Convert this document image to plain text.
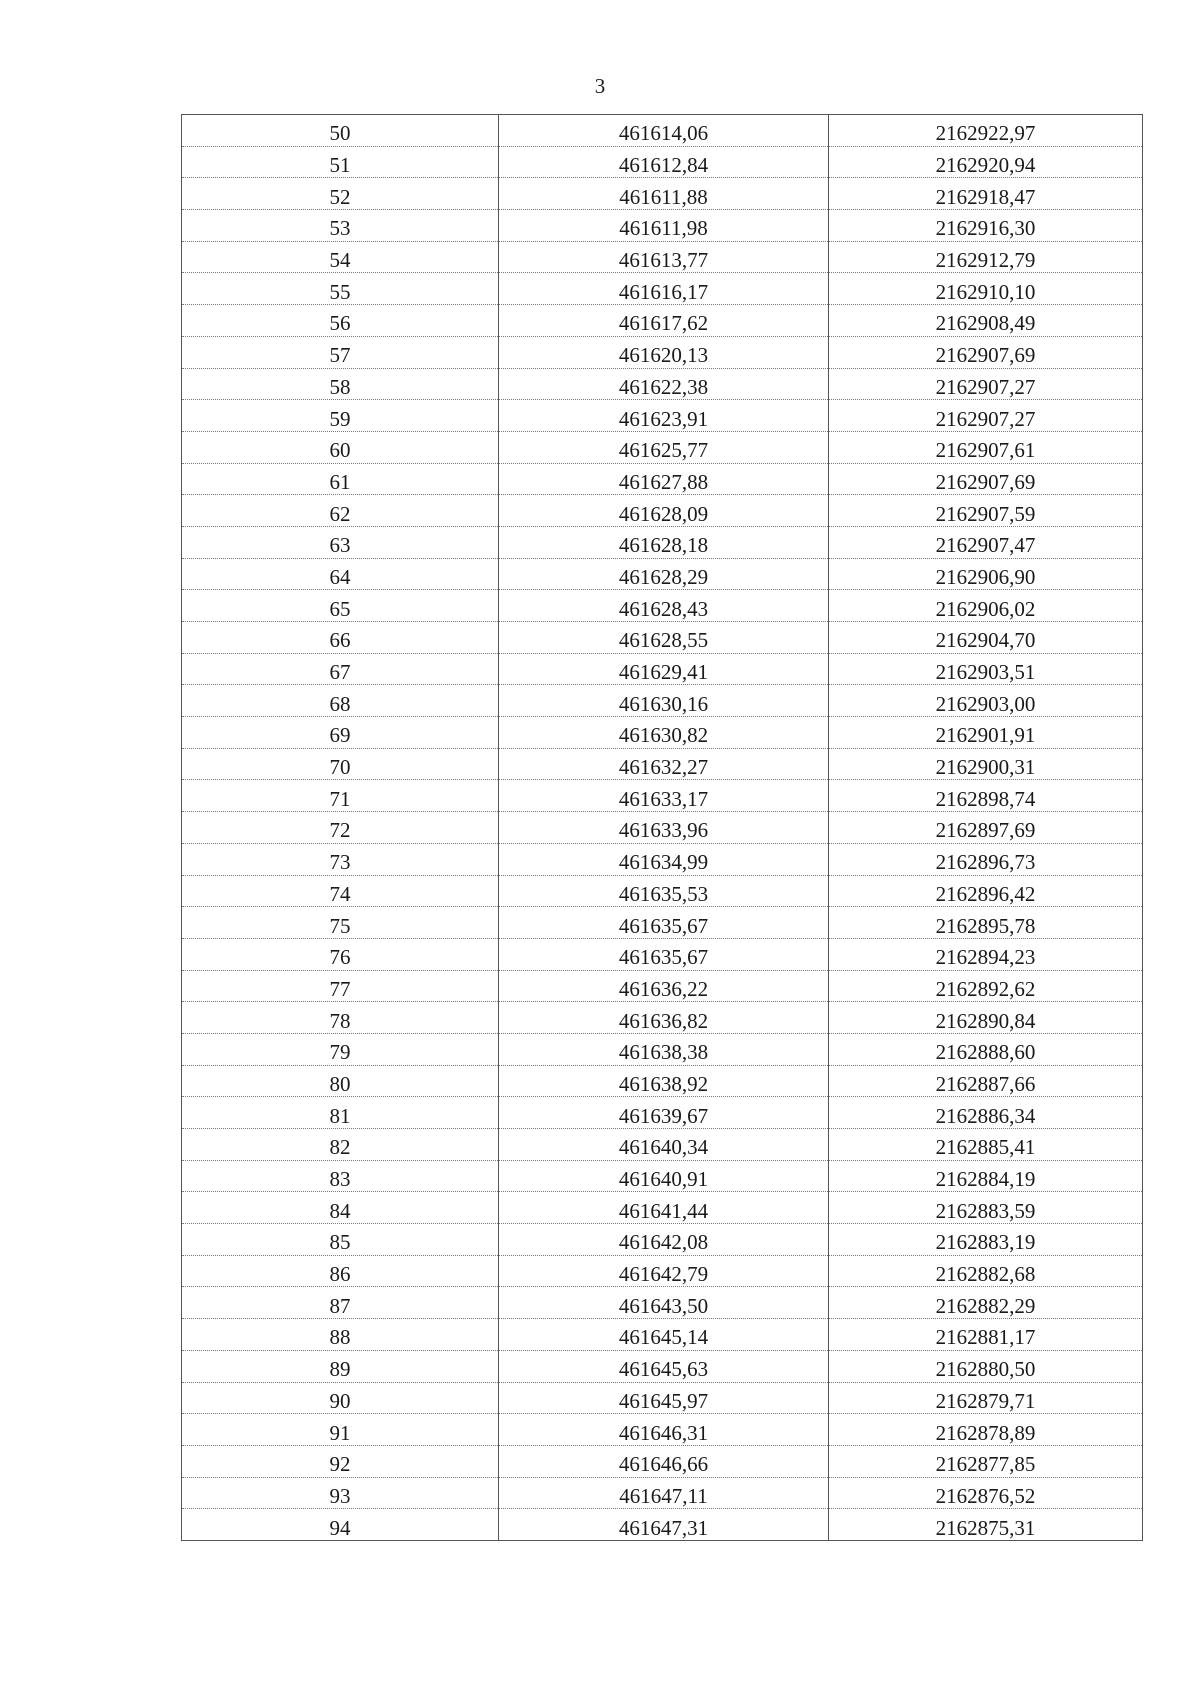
3
50	461614,06	2162922,97
51	461612,84	2162920,94
52	461611,88	2162918,47
53	461611,98	2162916,30
54	461613,77	2162912,79
55	461616,17	2162910,10
56	461617,62	2162908,49
57	461620,13	2162907,69
58	461622,38	2162907,27
59	461623,91	2162907,27
60	461625,77	2162907,61
61	461627,88	2162907,69
62	461628,09	2162907,59
63	461628,18	2162907,47
64	461628,29	2162906,90
65	461628,43	2162906,02
66	461628,55	2162904,70
67	461629,41	2162903,51
68	461630,16	2162903,00
69	461630,82	2162901,91
70	461632,27	2162900,31
71	461633,17	2162898,74
72	461633,96	2162897,69
73	461634,99	2162896,73
74	461635,53	2162896,42
75	461635,67	2162895,78
76	461635,67	2162894,23
77	461636,22	2162892,62
78	461636,82	2162890,84
79	461638,38	2162888,60
80	461638,92	2162887,66
81	461639,67	2162886,34
82	461640,34	2162885,41
83	461640,91	2162884,19
84	461641,44	2162883,59
85	461642,08	2162883,19
86	461642,79	2162882,68
87	461643,50	2162882,29
88	461645,14	2162881,17
89	461645,63	2162880,50
90	461645,97	2162879,71
91	461646,31	2162878,89
92	461646,66	2162877,85
93	461647,11	2162876,52
94	461647,31	2162875,31
